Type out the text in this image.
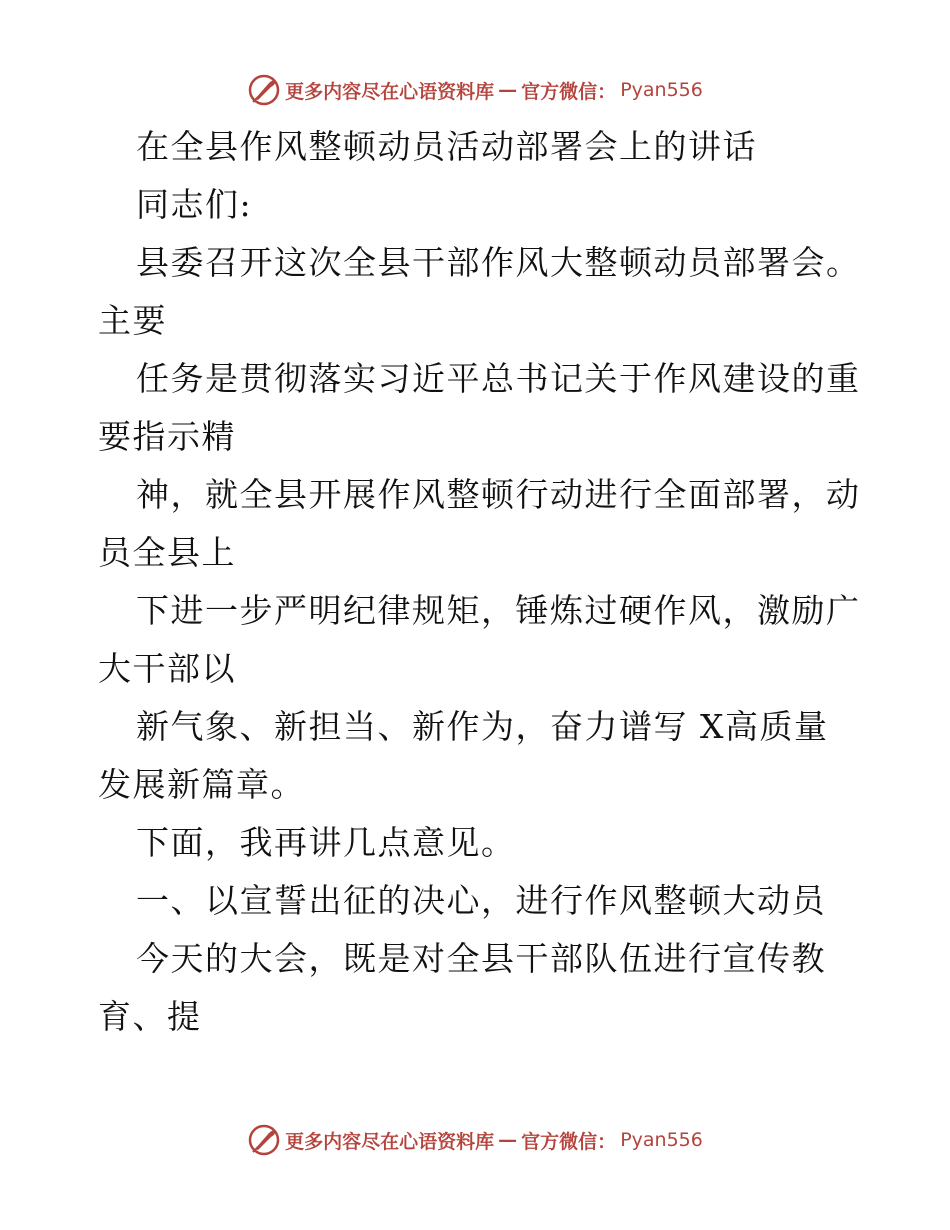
更多内容尽在心语资料库 — 官方微信： Pyan556
在全县作风整顿动员活动部署会上的讲话
同志们:
县委召开这次全县干部作风大整顿动员部署会。
主要
任务是贯彻落实习近平总书记关于作风建设的重
要指示精
神，就全县开展作风整顿行动进行全面部署，动
员全县上
下进一步严明纪律规矩，锤炼过硬作风，激励广
大干部以
新气象、新担当、新作为，奋力谱写 X高质量
发展新篇章。
下面，我再讲几点意见。
一、以宣誓出征的决心，进行作风整顿大动员
今天的大会，既是对全县干部队伍进行宣传教
育、提
更多内容尽在心语资料库 — 官方微信： Pyan556
